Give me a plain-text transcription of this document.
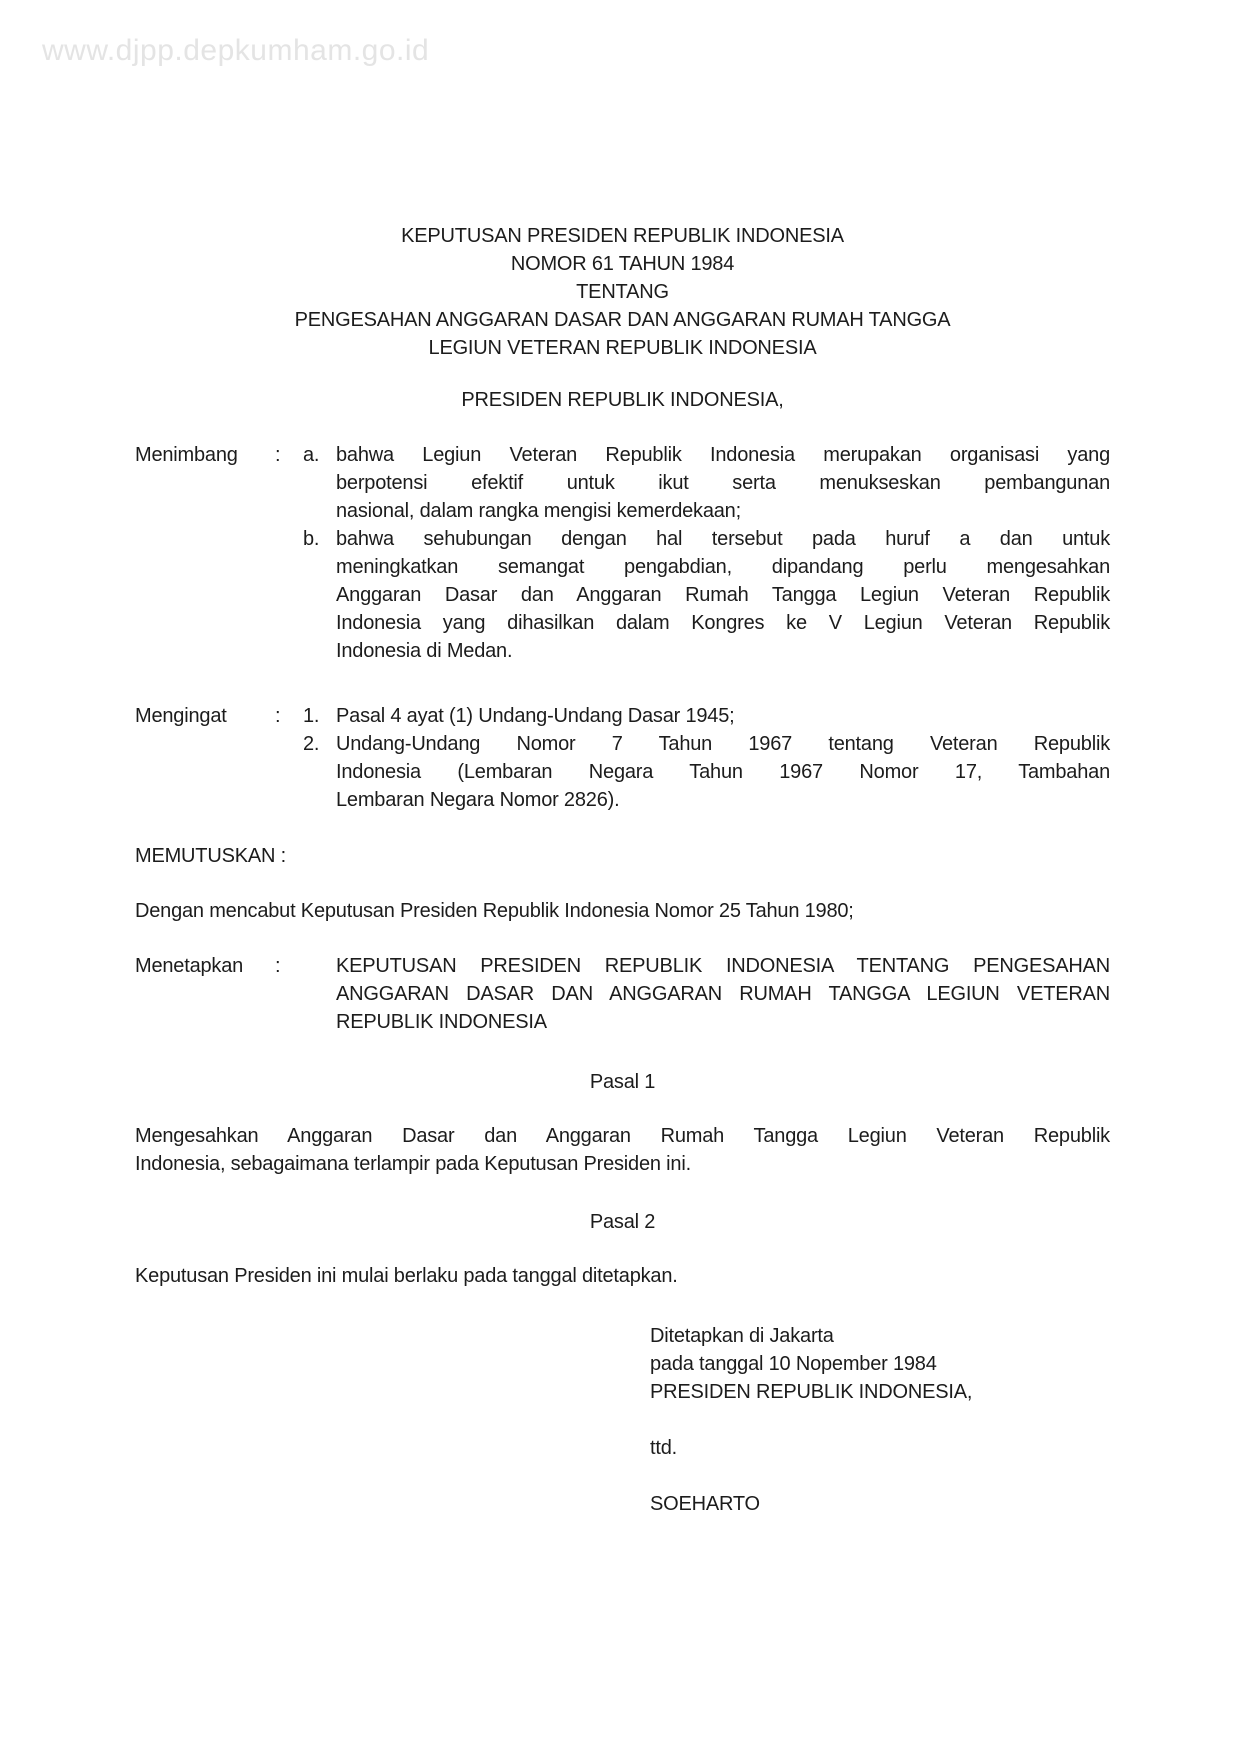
www.djpp.depkumham.go.id
KEPUTUSAN PRESIDEN REPUBLIK INDONESIA
NOMOR 61 TAHUN 1984
TENTANG
PENGESAHAN ANGGARAN DASAR DAN ANGGARAN RUMAH TANGGA
LEGIUN VETERAN REPUBLIK INDONESIA
PRESIDEN REPUBLIK INDONESIA,
Menimbang	:	a. bahwa Legiun Veteran Republik Indonesia merupakan organisasi yang
berpotensi  efektif  untuk  ikut  serta  menukseskan  pembangunan
nasional, dalam rangka mengisi kemerdekaan;
b. bahwa  sehubungan  dengan  hal  tersebut  pada  huruf  a  dan  untuk
meningkatkan  semangat  pengabdian,  dipandang  perlu  mengesahkan
Anggaran  Dasar  dan  Anggaran  Rumah  Tangga  Legiun  Veteran  Republik
Indonesia yang dihasilkan dalam Kongres ke V Legiun Veteran Republik
Indonesia di Medan.
Mengingat	:	1. Pasal 4 ayat (1) Undang-Undang Dasar 1945;
2. Undang-Undang  Nomor  7  Tahun  1967  tentang  Veteran  Republik
Indonesia  (Lembaran  Negara  Tahun  1967  Nomor  17,  Tambahan
Lembaran Negara Nomor 2826).
MEMUTUSKAN :
Dengan mencabut Keputusan Presiden Republik Indonesia Nomor 25 Tahun 1980;
Menetapkan	:	KEPUTUSAN  PRESIDEN  REPUBLIK  INDONESIA  TENTANG  PENGESAHAN
ANGGARAN  DASAR  DAN  ANGGARAN  RUMAH  TANGGA  LEGIUN  VETERAN
REPUBLIK INDONESIA
Pasal 1
Mengesahkan  Anggaran  Dasar  dan  Anggaran  Rumah  Tangga  Legiun  Veteran  Republik
Indonesia, sebagaimana terlampir pada Keputusan Presiden ini.
Pasal 2
Keputusan Presiden ini mulai berlaku pada tanggal ditetapkan.
Ditetapkan di Jakarta
pada tanggal 10 Nopember 1984
PRESIDEN REPUBLIK INDONESIA,
ttd.
SOEHARTO
